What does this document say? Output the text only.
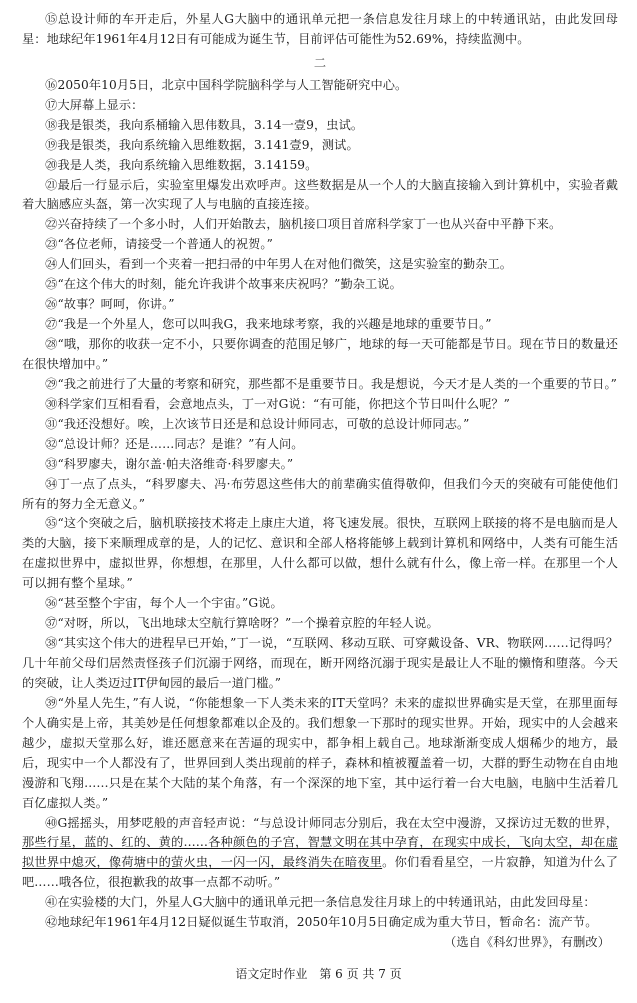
⑮总设计师的车开走后，外星人G大脑中的通讯单元把一条信息发往月球上的中转通讯站，由此发回母星：地球纪年1961年4月12日有可能成为诞生节，目前评估可能性为52.69%，持续监测中。

二

⑯2050年10月5日，北京中国科学院脑科学与人工智能研究中心。

⑰大屏幕上显示：

⑱我是银类，我向系桶输入思伟数具，3.14一壹9，虫试。

⑲我是银类，我向系统输入思维数据，3.141壹9，测试。

⑳我是人类，我向系统输入思维数据，3.14159。

㉑最后一行显示后，实验室里爆发出欢呼声。这些数据是从一个人的大脑直接输入到计算机中，实验者戴着大脑感应头盔，第一次实现了人与电脑的直接连接。

㉒兴奋持续了一个多小时，人们开始散去，脑机接口项目首席科学家丁一也从兴奋中平静下来。

㉓“各位老师，请接受一个普通人的祝贺。”

㉔人们回头，看到一个夹着一把扫帚的中年男人在对他们微笑，这是实验室的勤杂工。

㉕“在这个伟大的时刻，能允许我讲个故事来庆祝吗？”勤杂工说。

㉖“故事？呵呵，你讲。”

㉗“我是一个外星人，您可以叫我G，我来地球考察，我的兴趣是地球的重要节日。”

㉘“哦，那你的收获一定不小，只要你调查的范围足够广，地球的每一天可能都是节日。现在节日的数量还在很快增加中。”

㉙“我之前进行了大量的考察和研究，那些都不是重要节日。我是想说，今天才是人类的一个重要的节日。”

㉚科学家们互相看看，会意地点头，丁一对G说：“有可能，你把这个节日叫什么呢？”

㉛“我还没想好。唉，上次该节日还是和总设计师同志，可敬的总设计师同志。”

㉜“总设计师？还是……同志？是谁？”有人问。

㉝“科罗廖夫，谢尔盖·帕夫洛维奇·科罗廖夫。”

㉞丁一点了点头，“科罗廖夫、冯·布劳恩这些伟大的前辈确实值得敬仰，但我们今天的突破有可能使他们所有的努力全无意义。”

㉟“这个突破之后，脑机联接技术将走上康庄大道，将飞速发展。很快，互联网上联接的将不是电脑而是人类的大脑，接下来顺理成章的是，人的记忆、意识和全部人格将能够上载到计算机和网络中，人类有可能生活在虚拟世界中，虚拟世界，你想想，在那里，人什么都可以做，想什么就有什么，像上帝一样。在那里一个人可以拥有整个星球。”

㊱“甚至整个宇宙，每个人一个宇宙。”G说。

㊲“对呀，所以，飞出地球太空航行算啥呀？”一个操着京腔的年轻人说。

㊳“其实这个伟大的进程早已开始，”丁一说，“互联网、移动互联、可穿戴设备、VR、物联网……记得吗？几十年前父母们居然责怪孩子们沉溺于网络，而现在，断开网络沉溺于现实是最让人不耻的懒惰和堕落。今天的突破，让人类迈过IT伊甸园的最后一道门槛。”

㊴“外星人先生，”有人说，“你能想象一下人类未来的IT天堂吗？未来的虚拟世界确实是天堂，在那里面每个人确实是上帝，其美妙是任何想象都难以企及的。我们想象一下那时的现实世界。开始，现实中的人会越来越少，虚拟天堂那么好，谁还愿意来在苦逼的现实中，都争相上载自己。地球渐渐变成人烟稀少的地方，最后，现实中一个人都没有了，世界回到人类出现前的样子，森林和植被覆盖着一切，大群的野生动物在自由地漫游和飞翔……只是在某个大陆的某个角落，有一个深深的地下室，其中运行着一台大电脑，电脑中生活着几百亿虚拟人类。”

㊵G摇摇头，用梦呓般的声音轻声说：“与总设计师同志分别后，我在太空中漫游，又探访过无数的世界，那些行星，蓝的、红的、黄的……各种颜色的子宫，智慧文明在其中孕育，在现实中成长，飞向太空，却在虚拟世界中熄灭，像荷塘中的萤火虫，一闪一闪，最终消失在暗夜里。你们看看星空，一片寂静，知道为什么了吧……哦各位，很抱歉我的故事一点都不动听。”

㊶在实验楼的大门，外星人G大脑中的通讯单元把一条信息发往月球上的中转通讯站，由此发回母星：

㊷地球纪年1961年4月12日疑似诞生节取消，2050年10月5日确定成为重大节日，暂命名：流产节。

（选自《科幻世界》，有删改）

语文定时作业　第 6 页 共 7 页
